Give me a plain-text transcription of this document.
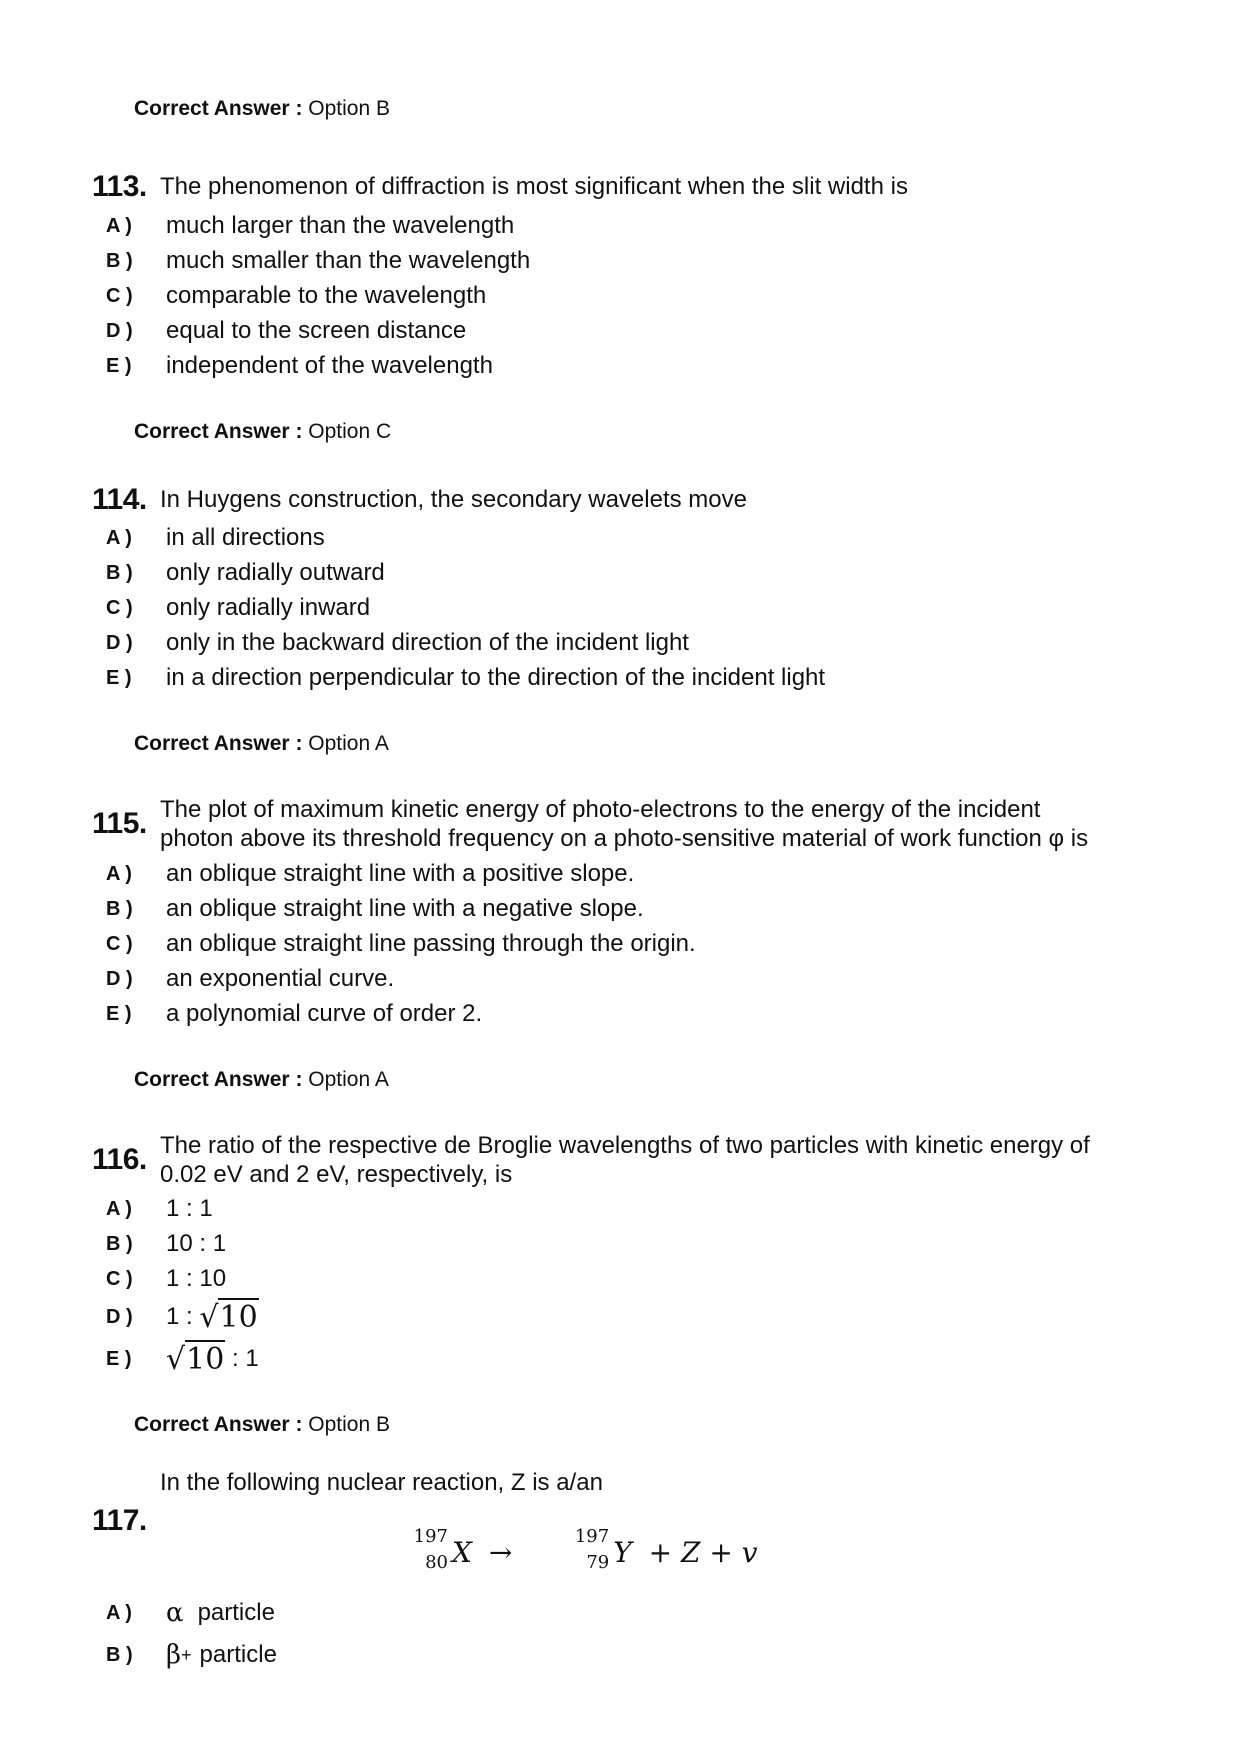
Correct Answer : Option B
113. The phenomenon of diffraction is most significant when the slit width is
A )	much larger than the wavelength
B )	much smaller than the wavelength
C )	comparable to the wavelength
D )	equal to the screen distance
E )	independent of the wavelength
Correct Answer : Option C
114. In Huygens construction, the secondary wavelets move
A )	in all directions
B )	only radially outward
C )	only radially inward
D )	only in the backward direction of the incident light
E )	in a direction perpendicular to the direction of the incident light
Correct Answer : Option A
115. The plot of maximum kinetic energy of photo-electrons to the energy of the incident
photon above its threshold frequency on a photo-sensitive material of work function φ is
A )	an oblique straight line with a positive slope.
B )	an oblique straight line with a negative slope.
C )	an oblique straight line passing through the origin.
D )	an exponential curve.
E )	a polynomial curve of order 2.
Correct Answer : Option A
116. The ratio of the respective de Broglie wavelengths of two particles with kinetic energy of
0.02 eV and 2 eV, respectively, is
A )	1 : 1
B )	10 : 1
C )	1 : 10
D )	1 : √10
E )	√10 : 1
Correct Answer : Option B
In the following nuclear reaction, Z is a/an
117.	197
80 X →	197
79 Y + Z + v
A )	α particle
B )	β + particle
